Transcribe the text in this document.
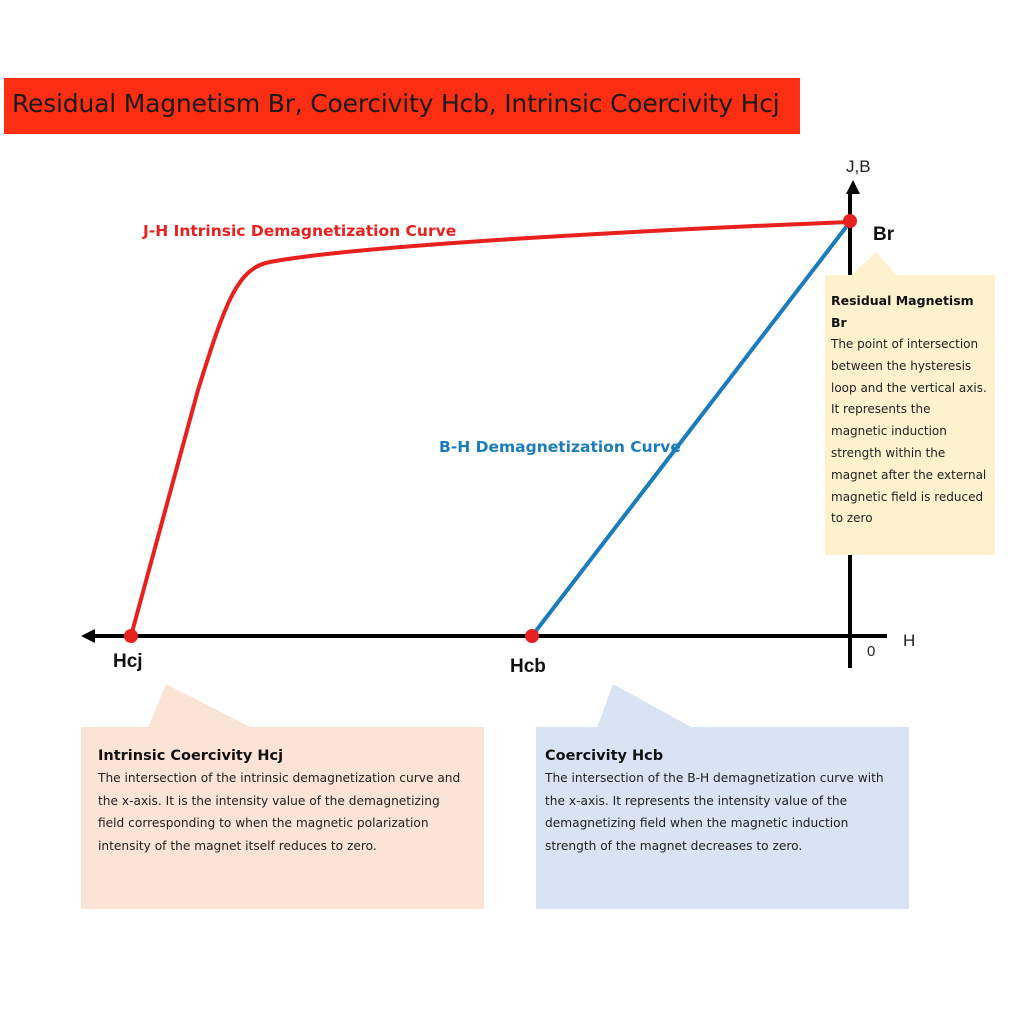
Residual Magnetism Br, Coercivity Hcb, Intrinsic Coercivity Hcj
J,B
H
0
J-H Intrinsic Demagnetization Curve
B-H Demagnetization Curve
Br
Hcj	Hcb
Residual Magnetism Br
The point of intersection between the hysteresis loop and the vertical axis. It represents the magnetic induction strength within the magnet after the external magnetic field is reduced to zero
Intrinsic Coercivity Hcj
The intersection of the intrinsic demagnetization curve and the x-axis. It is the intensity value of the demagnetizing field corresponding to when the magnetic polarization intensity of the magnet itself reduces to zero.
Coercivity Hcb
The intersection of the B-H demagnetization curve with the x-axis. It represents the intensity value of the demagnetizing field when the magnetic induction strength of the magnet decreases to zero.
